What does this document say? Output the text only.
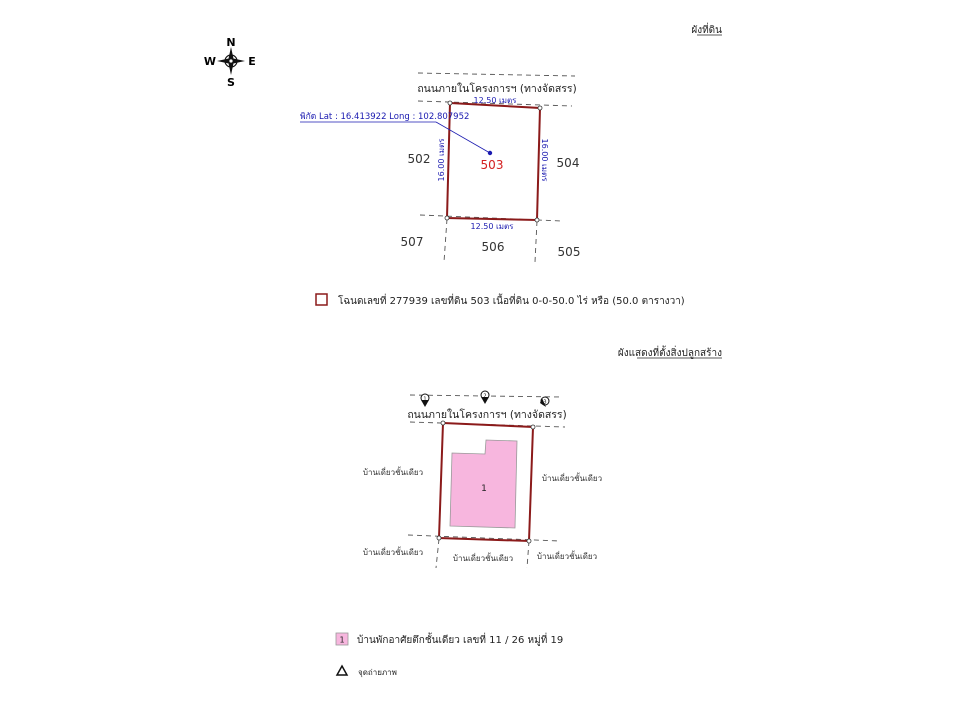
ผังที่ดิน
ผังแสดงที่ตั้งสิ่งปลูกสร้าง
N
E
S
W
ถนนภายในโครงการฯ (ทางจัดสรร)
12.50 เมตร
12.50 เมตร
16.00 เมตร	16.00 เมตร
พิกัด Lat : 16.413922 Long : 102.807952
503
502	504
507	506	505
โฉนดเลขที่ 277939 เลขที่ดิน 503 เนื้อที่ดิน 0-0-50.0 ไร่ หรือ (50.0 ตารางวา)
ถนนภายในโครงการฯ (ทางจัดสรร)
1
1	2
3
บ้านเดี่ยวชั้นเดียว
บ้านเดี่ยวชั้นเดียว
บ้านเดี่ยวชั้นเดียว
บ้านเดี่ยวชั้นเดียว	บ้านเดี่ยวชั้นเดียว
1 บ้านพักอาศัยตึกชั้นเดียว เลขที่ 11 / 26 หมู่ที่ 19
จุดถ่ายภาพ
